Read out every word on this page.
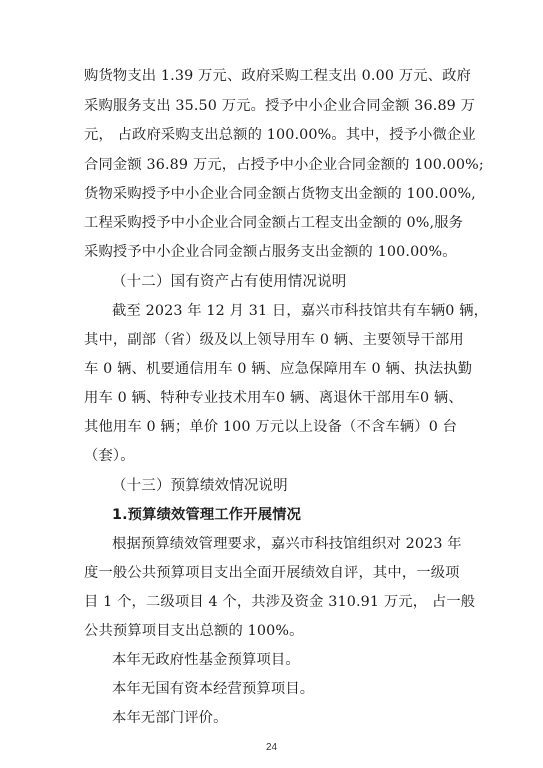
购货物支出 1.39 万元、政府采购工程支出 0.00 万元、政府
采购服务支出 35.50 万元。授予中小企业合同金额 36.89 万
元， 占政府采购支出总额的 100.00%。其中，授予小微企业
合同金额 36.89 万元，占授予中小企业合同金额的 100.00%;
货物采购授予中小企业合同金额占货物支出金额的 100.00%,
工程采购授予中小企业合同金额占工程支出金额的 0%,服务
采购授予中小企业合同金额占服务支出金额的 100.00%。
（十二）国有资产占有使用情况说明
截至 2023 年 12 月 31 日，嘉兴市科技馆共有车辆0 辆，
其中，副部（省）级及以上领导用车 0 辆、主要领导干部用
车 0 辆、机要通信用车 0 辆、应急保障用车 0 辆、执法执勤
用车 0 辆、特种专业技术用车0 辆、离退休干部用车0 辆、
其他用车 0 辆；单价 100 万元以上设备（不含车辆）0 台
（套）。
（十三）预算绩效情况说明
1.预算绩效管理工作开展情况
根据预算绩效管理要求，嘉兴市科技馆组织对 2023 年
度一般公共预算项目支出全面开展绩效自评，其中，一级项
目 1 个，二级项目 4 个，共涉及资金 310.91 万元， 占一般
公共预算项目支出总额的 100%。
本年无政府性基金预算项目。
本年无国有资本经营预算项目。
本年无部门评价。
24
